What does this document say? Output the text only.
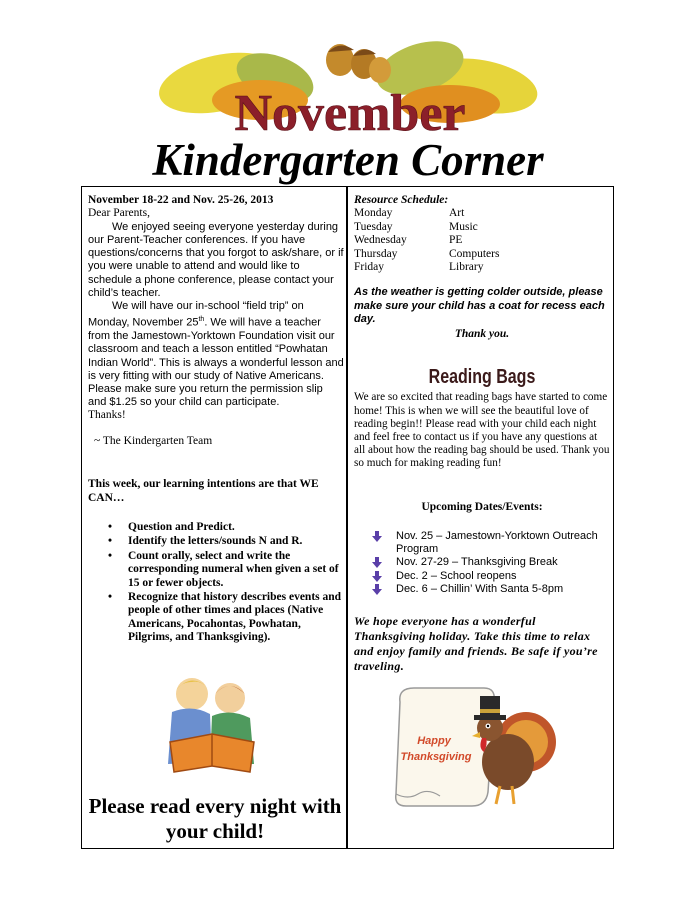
November
Kindergarten Corner

November 18-22 and Nov. 25-26, 2013

Dear Parents,

We enjoyed seeing everyone yesterday during our Parent-Teacher conferences. If you have questions/concerns that you forgot to ask/share, or if you were unable to attend and would like to schedule a phone conference, please contact your child’s teacher.

We will have our in-school “field trip” on Monday, November 25th. We will have a teacher from the Jamestown-Yorktown Foundation visit our classroom and teach a lesson entitled “Powhatan Indian World”. This is always a wonderful lesson and is very fitting with our study of Native Americans. Please make sure you return the permission slip and $1.25 so your child can participate.

Thanks!

~ The Kindergarten Team

This week, our learning intentions are that WE CAN…

• Question and Predict.
• Identify the letters/sounds N and R.
• Count orally, select and write the corresponding numeral when given a set of 15 or fewer objects.
• Recognize that history describes events and people of other times and places (Native Americans, Pocahontas, Powhatan, Pilgrims, and Thanksgiving).
Please read every night with your child!

Resource Schedule:

Monday	Art
Tuesday	Music
Wednesday	PE
Thursday	Computers
Friday	Library

As the weather is getting colder outside, please make sure your child has a coat for recess each day.

Thank you.

Reading Bags

We are so excited that reading bags have started to come home! This is when we will see the beautiful love of reading begin!! Please read with your child each night and feel free to contact us if you have any questions at all about how the reading bag should be used. Thank you so much for making reading fun!

Upcoming Dates/Events:

Nov. 25 – Jamestown-Yorktown Outreach Program
Nov. 27-29 – Thanksgiving Break
Dec. 2 – School reopens
Dec. 6 – Chillin’ With Santa 5-8pm

We hope everyone has a wonderful Thanksgiving holiday. Take this time to relax and enjoy family and friends. Be safe if you’re traveling.

Happy
Thanksgiving
